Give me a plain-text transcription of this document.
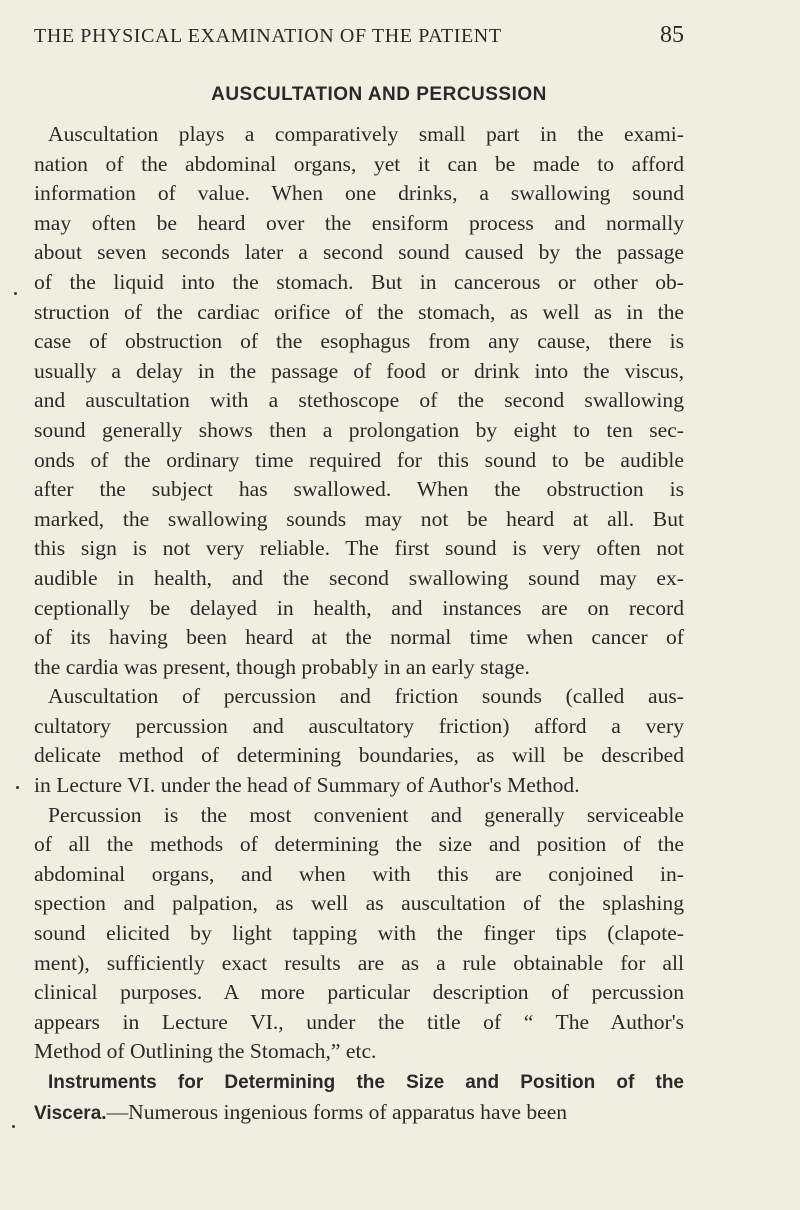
THE PHYSICAL EXAMINATION OF THE PATIENT	85
AUSCULTATION AND PERCUSSION
Auscultation plays a comparatively small part in the exami-
nation of the abdominal organs, yet it can be made to afford
information of value. When one drinks, a swallowing sound
may often be heard over the ensiform process and normally
about seven seconds later a second sound caused by the passage
of the liquid into the stomach. But in cancerous or other ob-
struction of the cardiac orifice of the stomach, as well as in the
case of obstruction of the esophagus from any cause, there is
usually a delay in the passage of food or drink into the viscus,
and auscultation with a stethoscope of the second swallowing
sound generally shows then a prolongation by eight to ten sec-
onds of the ordinary time required for this sound to be audible
after the subject has swallowed. When the obstruction is
marked, the swallowing sounds may not be heard at all. But
this sign is not very reliable. The first sound is very often not
audible in health, and the second swallowing sound may ex-
ceptionally be delayed in health, and instances are on record
of its having been heard at the normal time when cancer of
the cardia was present, though probably in an early stage.
Auscultation of percussion and friction sounds (called aus-
cultatory percussion and auscultatory friction) afford a very
delicate method of determining boundaries, as will be described
in Lecture VI. under the head of Summary of Author's Method.
Percussion is the most convenient and generally serviceable
of all the methods of determining the size and position of the
abdominal organs, and when with this are conjoined in-
spection and palpation, as well as auscultation of the splashing
sound elicited by light tapping with the finger tips (clapote-
ment), sufficiently exact results are as a rule obtainable for all
clinical purposes. A more particular description of percussion
appears in Lecture VI., under the title of “ The Author's
Method of Outlining the Stomach,” etc.
Instruments for Determining the Size and Position of the
Viscera.—Numerous ingenious forms of apparatus have been
